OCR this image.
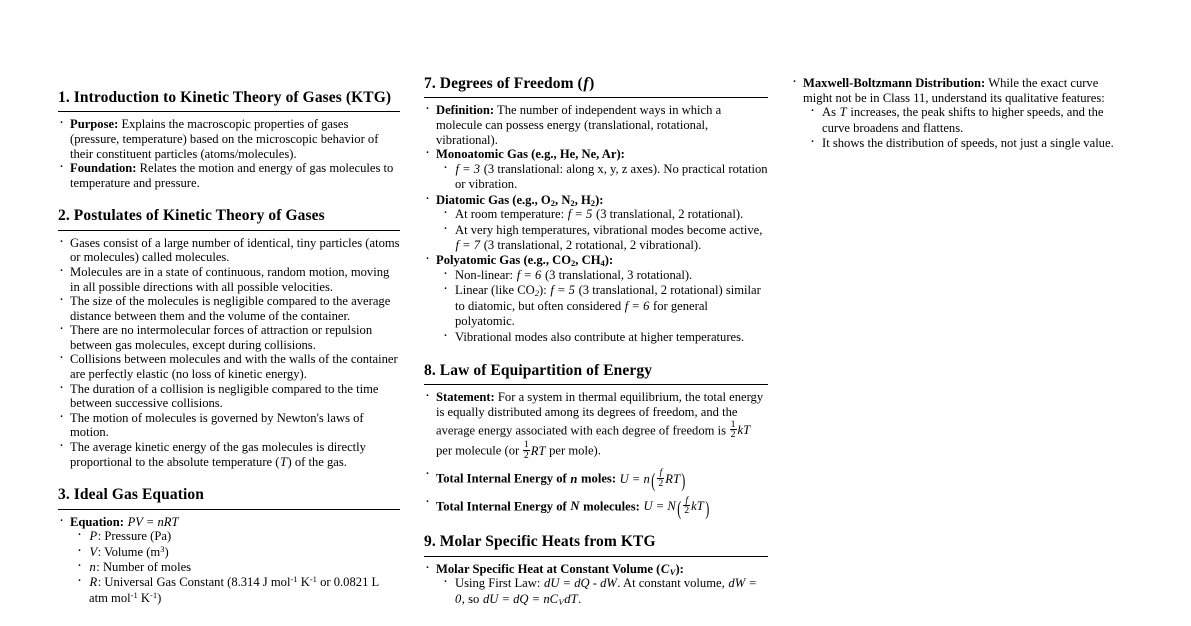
1. Introduction to Kinetic Theory of Gases (KTG)
· Purpose: Explains the macroscopic properties of gases (pressure, temperature) based on the microscopic behavior of their constituent particles (atoms/molecules).
· Foundation: Relates the motion and energy of gas molecules to temperature and pressure.
2. Postulates of Kinetic Theory of Gases
· Gases consist of a large number of identical, tiny particles (atoms or molecules) called molecules.
· Molecules are in a state of continuous, random motion, moving in all possible directions with all possible velocities.
· The size of the molecules is negligible compared to the average distance between them and the volume of the container.
· There are no intermolecular forces of attraction or repulsion between gas molecules, except during collisions.
· Collisions between molecules and with the walls of the container are perfectly elastic (no loss of kinetic energy).
· The duration of a collision is negligible compared to the time between successive collisions.
· The motion of molecules is governed by Newton's laws of motion.
· The average kinetic energy of the gas molecules is directly proportional to the absolute temperature (T) of the gas.
3. Ideal Gas Equation
· Equation: PV = nRT
· P: Pressure (Pa)
· V: Volume $(m^3)$
· n: Number of moles
· R: Universal Gas Constant (8.314 J mol$^{-1}$ $K^{-1}$ or 0.0821 L atm mol$^{-1}$ $K^{-1}$)
7. Degrees of Freedom (f)
· Definition: The number of independent ways in which a molecule can possess energy (translational, rotational, vibrational).
· Monoatomic Gas (e.g., He, Ne, Ar):
· f = 3 (3 translational: along x, y, z axes). No practical rotation or vibration.
· Diatomic Gas (e.g., $O_2$, $N_2$, $H_2$):
· At room temperature: f = 5 (3 translational, 2 rotational).
· At very high temperatures, vibrational modes become active, f = 7 (3 translational, 2 rotational, 2 vibrational).
· Polyatomic Gas (e.g., $CO_2$, $CH_4$):
· Non-linear: f = 6 (3 translational, 3 rotational).
· Linear (like CO2): f = 5 (3 translational, 2 rotational) similar to diatomic, but often considered f = 6 for general polyatomic.
· Vibrational modes also contribute at higher temperatures.
8. Law of Equipartition of Energy
· Statement: For a system in thermal equilibrium, the total energy is equally distributed among its degrees of freedom, and the average energy associated with each degree of freedom is $\frac{1}{2}$ kT per molecule ($or \frac{1}{2}$ RT per mole).
· Total Internal Energy of n moles: $U = n( \frac{f}{2} RT)$
· Total Internal Energy of N molecules: $U = N( \frac{f}{2} kT)$
9. Molar Specific Heats from KTG
· Molar Specific Heat at Constant Volume (CV):
· Using First Law: dU = dQ - dW. At constant volume, dW = 0, so dU = dQ = nCVdT.
· Maxwell-Boltzmann Distribution: While the exact curve might not be in Class 11, understand its qualitative features:
· As T increases, the peak shifts to higher speeds, and the curve broadens and flattens.
· It shows the distribution of speeds, not just a single value.
